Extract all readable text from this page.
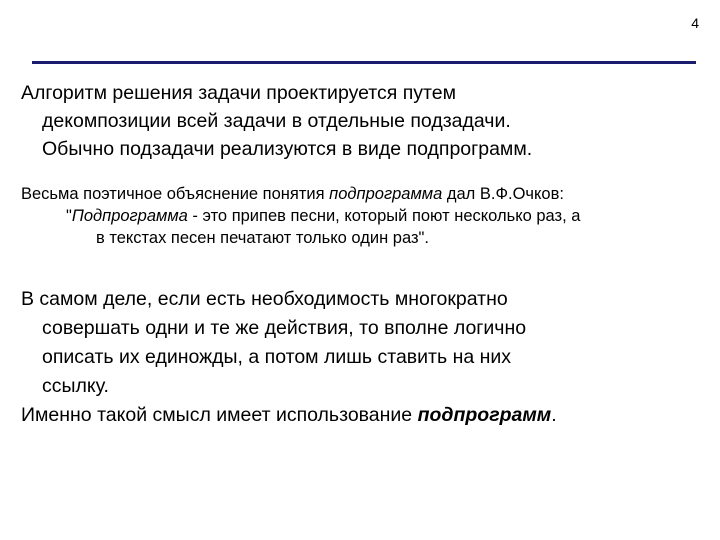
4

Алгоритм решения задачи проектируется путем
декомпозиции всей задачи в отдельные подзадачи.
Обычно подзадачи реализуются в виде подпрограмм.

Весьма поэтичное объяснение понятия подпрограмма дал В.Ф.Очков:
"Подпрограмма - это припев песни, который поют несколько раз, а
в текстах песен печатают только один раз".

В самом деле, если есть необходимость многократно
совершать одни и те же действия, то вполне логично
описать их единожды, а потом лишь ставить на них
ссылку.
Именно такой смысл имеет использование подпрограмм.
